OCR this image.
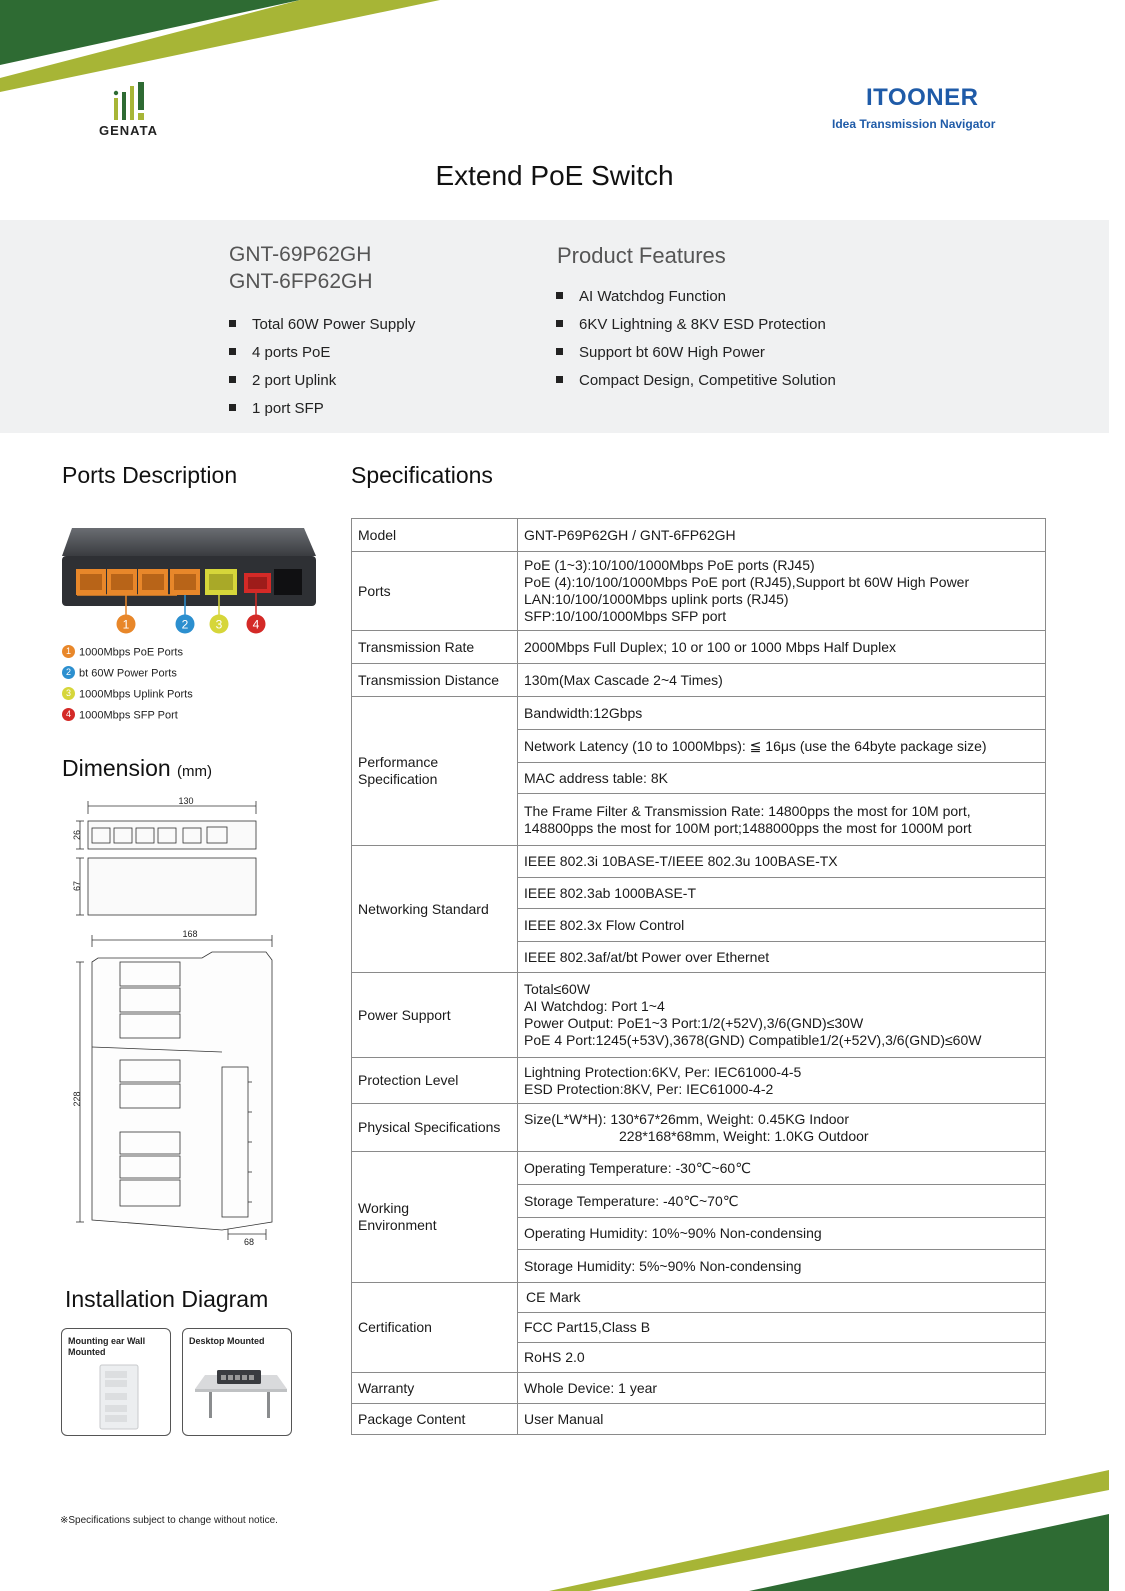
GENATA
ITOONER
Idea Transmission Navigator
Extend PoE Switch
GNT-69P62GH
GNT-6FP62GH
Total 60W Power Supply
4 ports PoE
2 port Uplink
1 port SFP
Product Features
AI Watchdog Function
6KV Lightning & 8KV ESD Protection
Support bt 60W High Power
Compact Design, Competitive Solution
Ports Description
1	2 3	4
1 1000Mbps PoE Ports
2 bt 60W Power Ports
3 1000Mbps Uplink Ports
4 1000Mbps SFP Port
Dimension (mm)
130
26
67
168
228
68
Installation Diagram
Mounting ear Wall Mounted
Desktop Mounted
Specifications
Model	GNT-P69P62GH / GNT-6FP62GH
Ports	PoE (1~3):10/100/1000Mbps PoE ports (RJ45)
PoE (4):10/100/1000Mbps PoE port (RJ45),Support bt 60W High Power
LAN:10/100/1000Mbps uplink ports (RJ45)
SFP:10/100/1000Mbps SFP port

Transmission Rate	2000Mbps Full Duplex; 10 or 100 or 1000 Mbps Half Duplex
Transmission Distance	130m(Max Cascade 2~4 Times)

Performance
Specification	Bandwidth:12Gbps
	Network Latency (10 to 1000Mbps): ≦ 16μs (use the 64byte package size)
	MAC address table: 8K

	The Frame Filter & Transmission Rate: 14800pps the most for 10M port,
148800pps the most for 100M port;1488000pps the most for 1000M port

Networking Standard	IEEE 802.3i 10BASE-T/IEEE 802.3u 100BASE-TX
	IEEE 802.3ab 1000BASE-T
	IEEE 802.3x Flow Control
	IEEE 802.3af/at/bt Power over Ethernet
Power Support	Total≤60W
AI Watchdog: Port 1~4
Power Output: PoE1~3 Port:1/2(+52V),3/6(GND)≤30W
PoE 4 Port:1245(+53V),3678(GND) Compatible1/2(+52V),3/6(GND)≤60W

Protection Level	Lightning Protection:6KV, Per: IEC61000-4-5
ESD Protection:8KV, Per: IEC61000-4-2

Physical Specifications	Size(L*W*H): 130*67*26mm, Weight: 0.45KG Indoor
228*168*68mm, Weight: 1.0KG Outdoor

Working
Environment	Operating Temperature: -30℃~60℃
	Storage Temperature: -40℃~70℃
	Operating Humidity: 10%~90% Non-condensing
	Storage Humidity: 5%~90% Non-condensing
Certification	CE Mark
	FCC Part15,Class B
	RoHS 2.0
Warranty	Whole Device: 1 year
Package Content	User Manual
※Specifications subject to change without notice.
